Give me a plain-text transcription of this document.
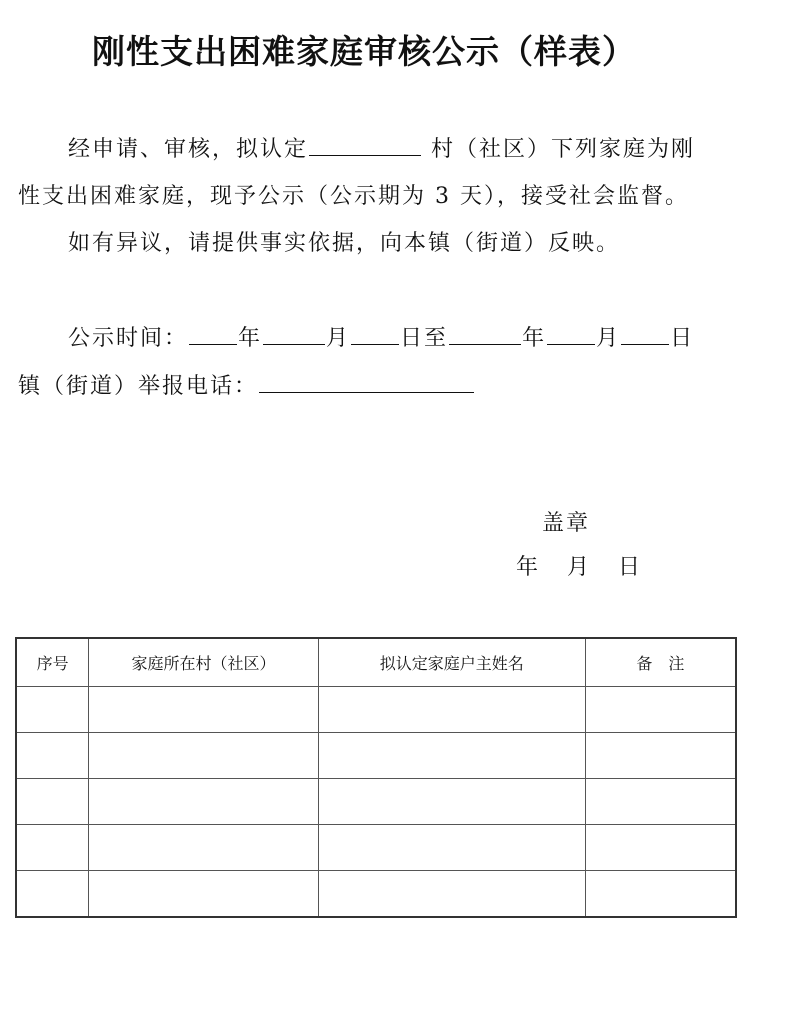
刚性支出困难家庭审核公示（样表）
经申请、审核，拟认定	村（社区）下列家庭为刚
性支出困难家庭，现予公示（公示期为 3 天），接受社会监督。
如有异议，请提供事实依据，向本镇（街道）反映。
公示时间： 年	月 日至	年 月 日
镇（街道）举报电话：
盖章
年   月   日
序号	家庭所在村（社区）	拟认定家庭户主姓名	备　注
